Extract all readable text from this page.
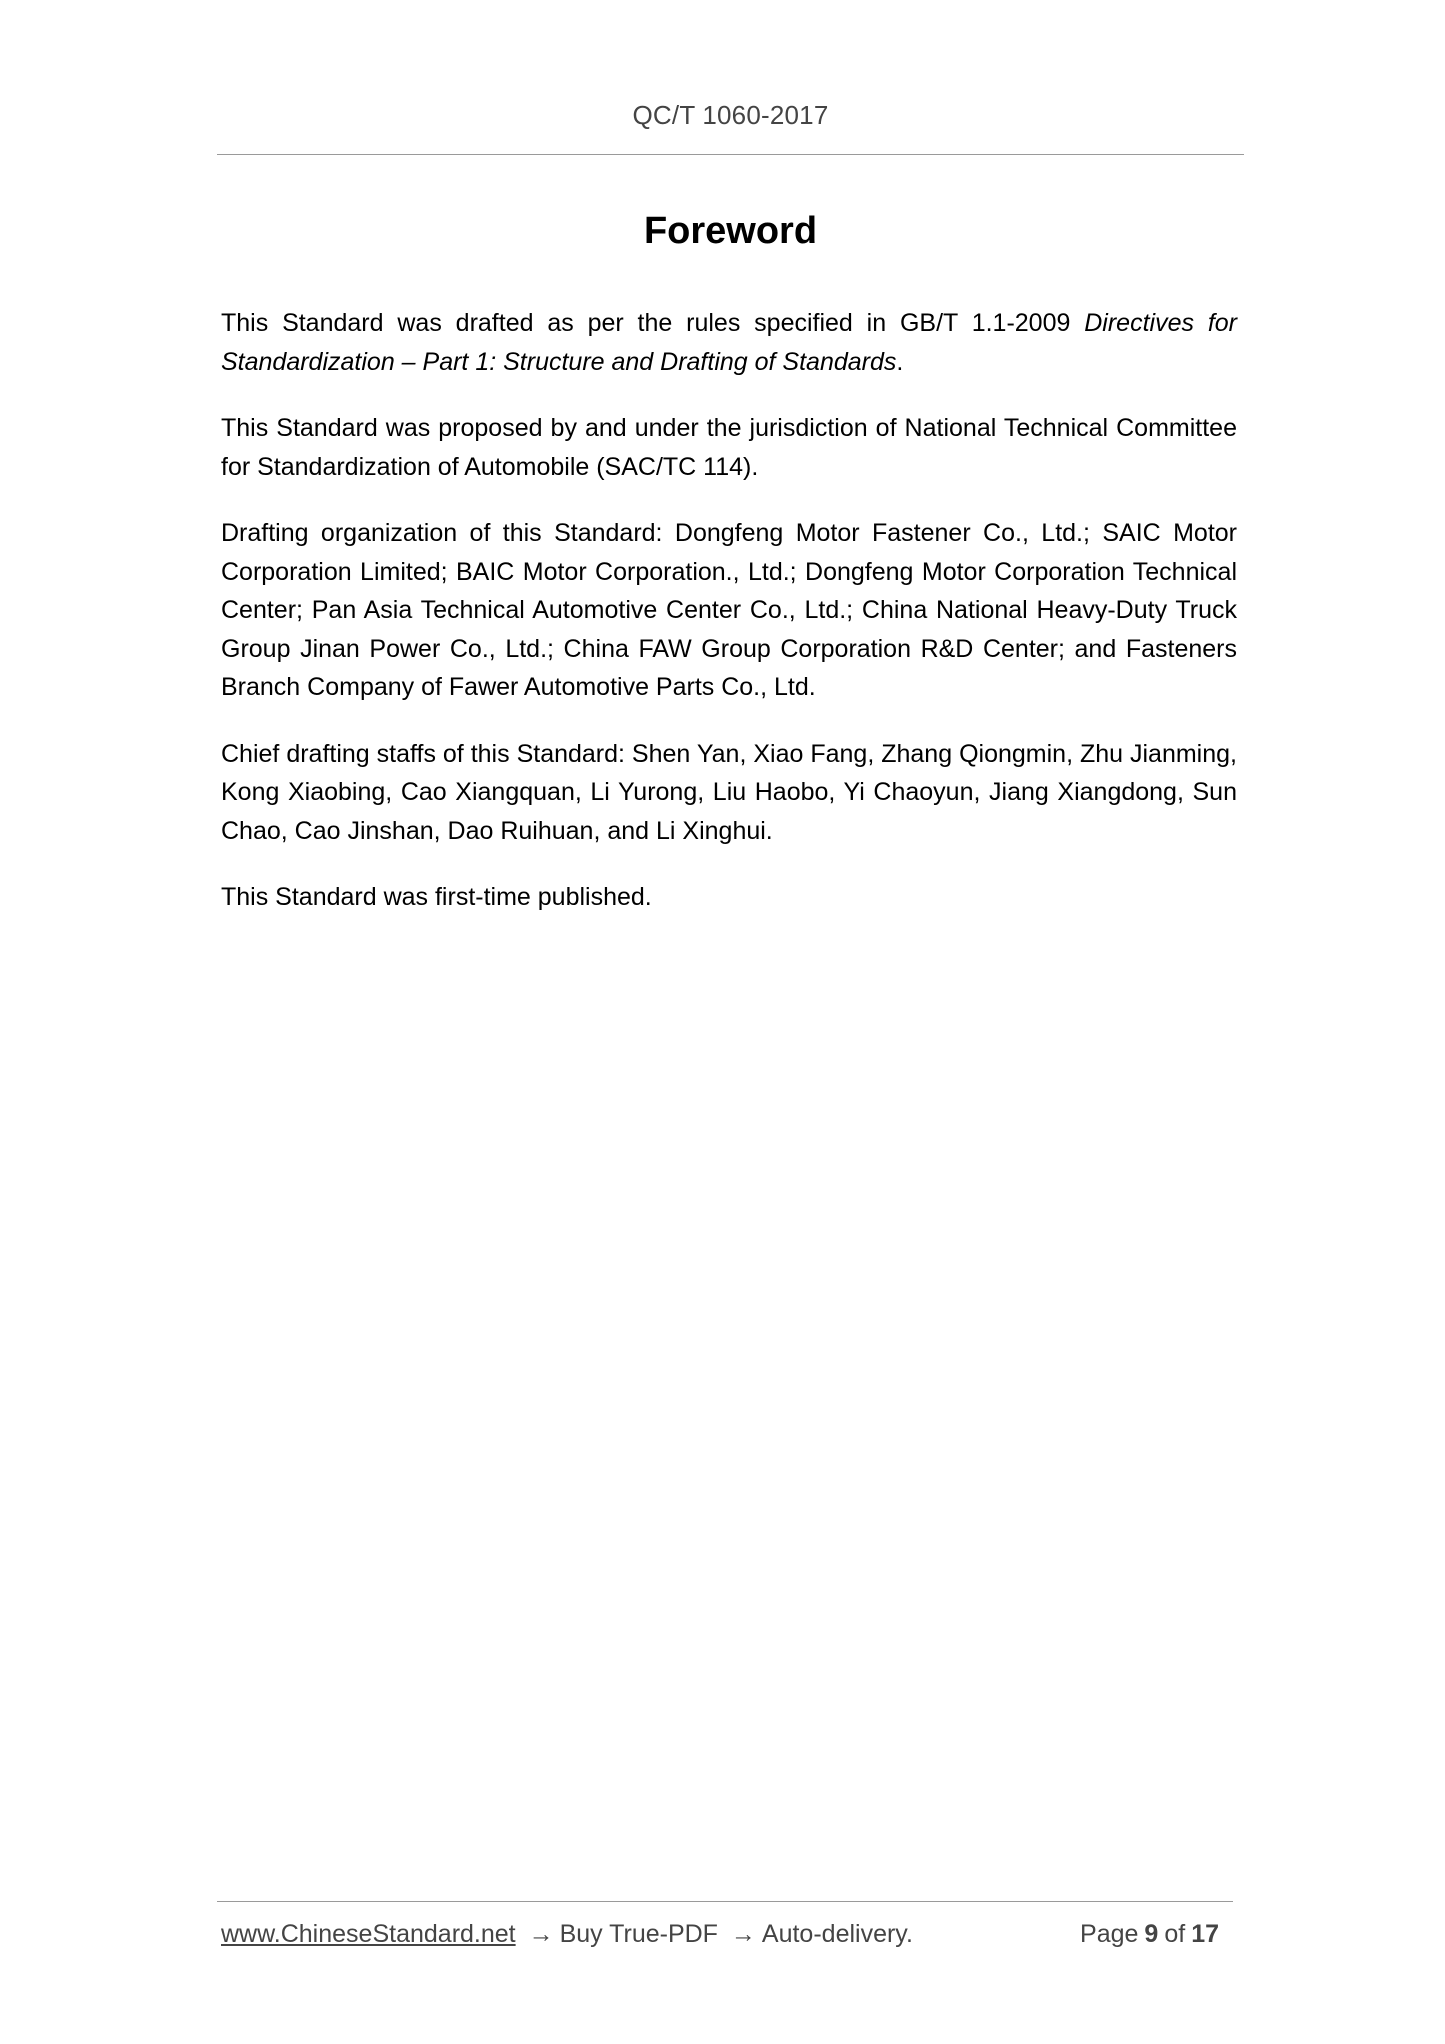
QC/T 1060-2017
Foreword

This Standard was drafted as per the rules specified in GB/T 1.1-2009 Directives for Standardization – Part 1: Structure and Drafting of Standards.

This Standard was proposed by and under the jurisdiction of National Technical Committee for Standardization of Automobile (SAC/TC 114).

Drafting organization of this Standard: Dongfeng Motor Fastener Co., Ltd.; SAIC Motor Corporation Limited; BAIC Motor Corporation., Ltd.; Dongfeng Motor Corporation Technical Center; Pan Asia Technical Automotive Center Co., Ltd.; China National Heavy-Duty Truck Group Jinan Power Co., Ltd.; China FAW Group Corporation R&D Center; and Fasteners Branch Company of Fawer Automotive Parts Co., Ltd.

Chief drafting staffs of this Standard: Shen Yan, Xiao Fang, Zhang Qiongmin, Zhu Jianming, Kong Xiaobing, Cao Xiangquan, Li Yurong, Liu Haobo, Yi Chaoyun, Jiang Xiangdong, Sun Chao, Cao Jinshan, Dao Ruihuan, and Li Xinghui.

This Standard was first-time published.

www.ChineseStandard.net → Buy True-PDF → Auto-delivery.	Page 9 of 17
